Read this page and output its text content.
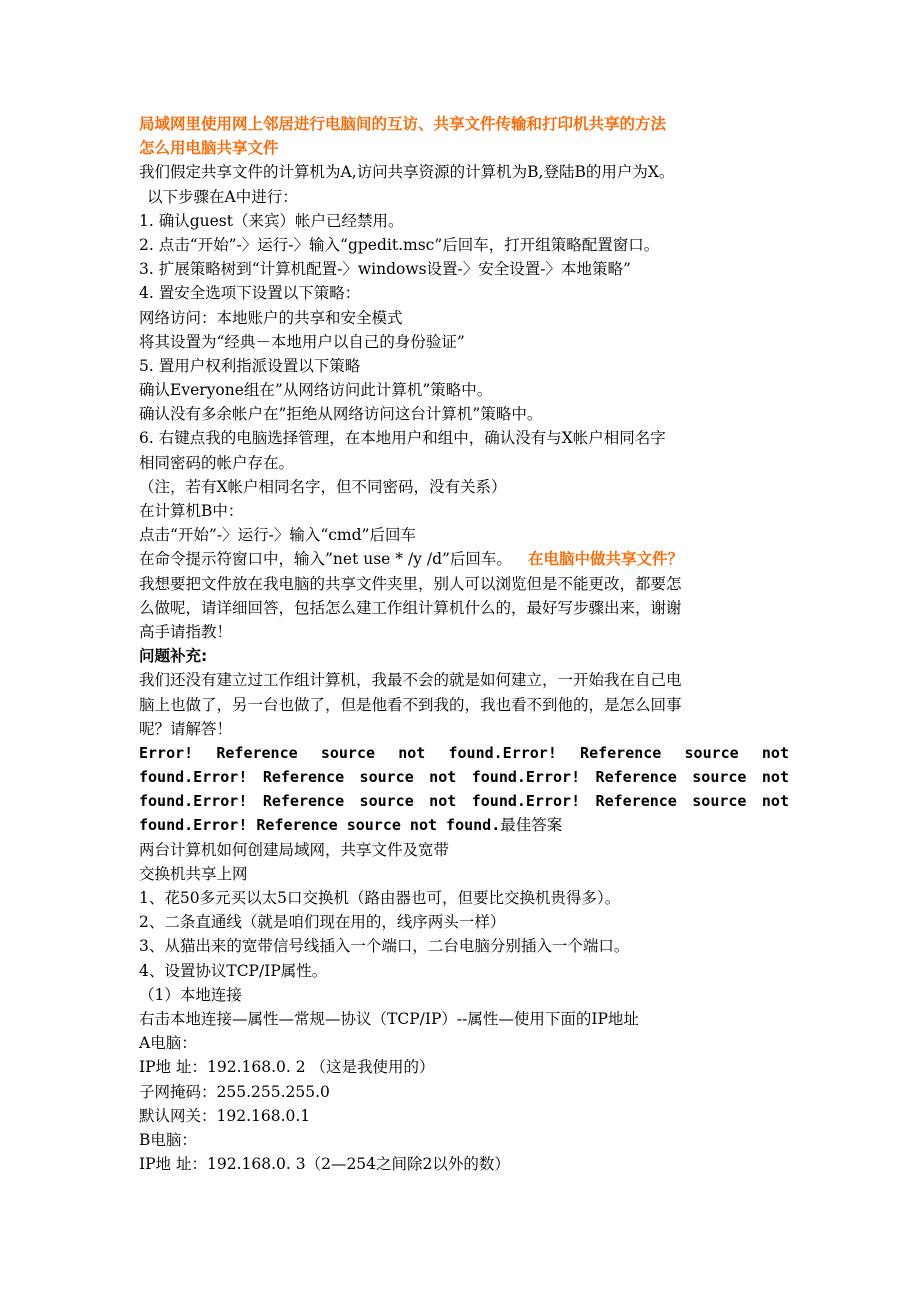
局域网里使用网上邻居进行电脑间的互访、共享文件传输和打印机共享的方法
怎么用电脑共享文件
我们假定共享文件的计算机为A,访问共享资源的计算机为B,登陆B的用户为X。
以下步骤在A中进行：
1. 确认guest（来宾）帐户已经禁用。
2. 点击“开始”-〉运行-〉输入“gpedit.msc”后回车，打开组策略配置窗口。
3. 扩展策略树到“计算机配置-〉windows设置-〉安全设置-〉本地策略”
4. 置安全选项下设置以下策略：
网络访问：本地账户的共享和安全模式
将其设置为“经典－本地用户以自己的身份验证”
5. 置用户权利指派设置以下策略
确认Everyone组在”从网络访问此计算机”策略中。
确认没有多余帐户在”拒绝从网络访问这台计算机”策略中。
6. 右键点我的电脑选择管理，在本地用户和组中，确认没有与X帐户相同名字
相同密码的帐户存在。
（注，若有X帐户相同名字，但不同密码，没有关系）
在计算机B中：
点击“开始”-〉运行-〉输入“cmd”后回车
在命令提示符窗口中，输入”net use * /y /d”后回车。 在电脑中做共享文件？
我想要把文件放在我电脑的共享文件夹里，别人可以浏览但是不能更改，都要怎
么做呢，请详细回答，包括怎么建工作组计算机什么的，最好写步骤出来，谢谢
高手请指教！
问题补充:
我们还没有建立过工作组计算机，我最不会的就是如何建立，一开始我在自己电
脑上也做了，另一台也做了，但是他看不到我的，我也看不到他的，是怎么回事
呢？请解答！
Error! Reference source not found.Error! Reference source not
found.Error! Reference source not found.Error! Reference source not
found.Error! Reference source not found.Error! Reference source not
found.Error! Reference source not found.最佳答案
两台计算机如何创建局域网，共享文件及宽带
交换机共享上网
1、花50多元买以太5口交换机（路由器也可，但要比交换机贵得多）。
2、二条直通线（就是咱们现在用的，线序两头一样）
3、从猫出来的宽带信号线插入一个端口，二台电脑分别插入一个端口。
4、设置协议TCP/IP属性。
（1）本地连接
右击本地连接—属性—常规—协议（TCP/IP）--属性—使用下面的IP地址
A电脑：
IP地 址：192.168.0. 2 （这是我使用的）
子网掩码：255.255.255.0
默认网关：192.168.0.1
B电脑：
IP地 址：192.168.0. 3（2—254之间除2以外的数）
